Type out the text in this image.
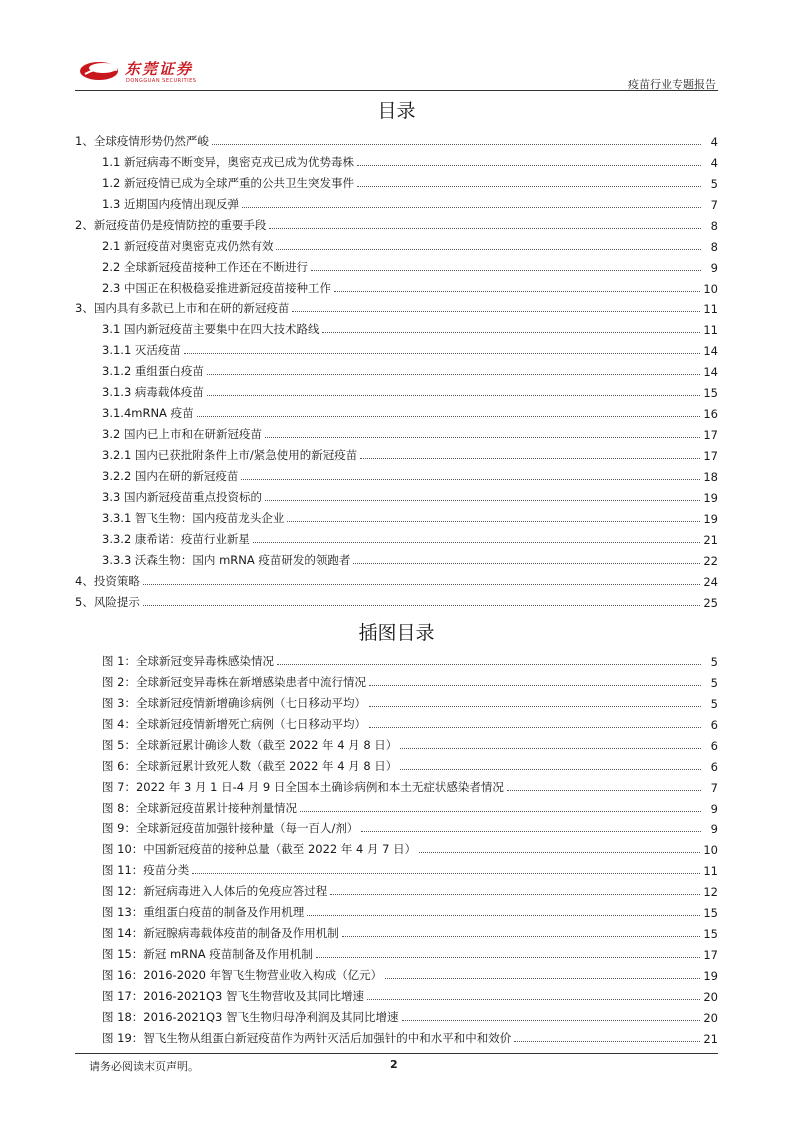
东莞证券
DONGGUAN SECURITIES	疫苗行业专题报告
目录
1、全球疫情形势仍然严峻	4
1.1 新冠病毒不断变异，奥密克戎已成为优势毒株	4
1.2 新冠疫情已成为全球严重的公共卫生突发事件	5
1.3 近期国内疫情出现反弹	7
2、新冠疫苗仍是疫情防控的重要手段	8
2.1 新冠疫苗对奥密克戎仍然有效	8
2.2 全球新冠疫苗接种工作还在不断进行	9
2.3 中国正在积极稳妥推进新冠疫苗接种工作	10
3、国内具有多款已上市和在研的新冠疫苗	11
3.1 国内新冠疫苗主要集中在四大技术路线	11
3.1.1 灭活疫苗	14
3.1.2 重组蛋白疫苗	14
3.1.3 病毒载体疫苗	15
3.1.4mRNA 疫苗	16
3.2 国内已上市和在研新冠疫苗	17
3.2.1 国内已获批附条件上市/紧急使用的新冠疫苗	17
3.2.2 国内在研的新冠疫苗	18
3.3 国内新冠疫苗重点投资标的	19
3.3.1 智飞生物：国内疫苗龙头企业	19
3.3.2 康希诺：疫苗行业新星	21
3.3.3 沃森生物：国内 mRNA 疫苗研发的领跑者	22
4、投资策略	24
5、风险提示	25
插图目录
图 1：全球新冠变异毒株感染情况	5
图 2：全球新冠变异毒株在新增感染患者中流行情况	5
图 3：全球新冠疫情新增确诊病例（七日移动平均）	5
图 4：全球新冠疫情新增死亡病例（七日移动平均）	6
图 5：全球新冠累计确诊人数（截至 2022 年 4 月 8 日）	6
图 6：全球新冠累计致死人数（截至 2022 年 4 月 8 日）	6
图 7：2022 年 3 月 1 日-4 月 9 日全国本土确诊病例和本土无症状感染者情况	7
图 8：全球新冠疫苗累计接种剂量情况	9
图 9：全球新冠疫苗加强针接种量（每一百人/剂）	9
图 10：中国新冠疫苗的接种总量（截至 2022 年 4 月 7 日）	10
图 11：疫苗分类	11
图 12：新冠病毒进入人体后的免疫应答过程	12
图 13：重组蛋白疫苗的制备及作用机理	15
图 14：新冠腺病毒载体疫苗的制备及作用机制	15
图 15：新冠 mRNA 疫苗制备及作用机制	17
图 16：2016-2020 年智飞生物营业收入构成（亿元）	19
图 17：2016-2021Q3 智飞生物营收及其同比增速	20
图 18：2016-2021Q3 智飞生物归母净利润及其同比增速	20
图 19：智飞生物从组蛋白新冠疫苗作为两针灭活后加强针的中和水平和中和效价	21
请务必阅读末页声明。	2
